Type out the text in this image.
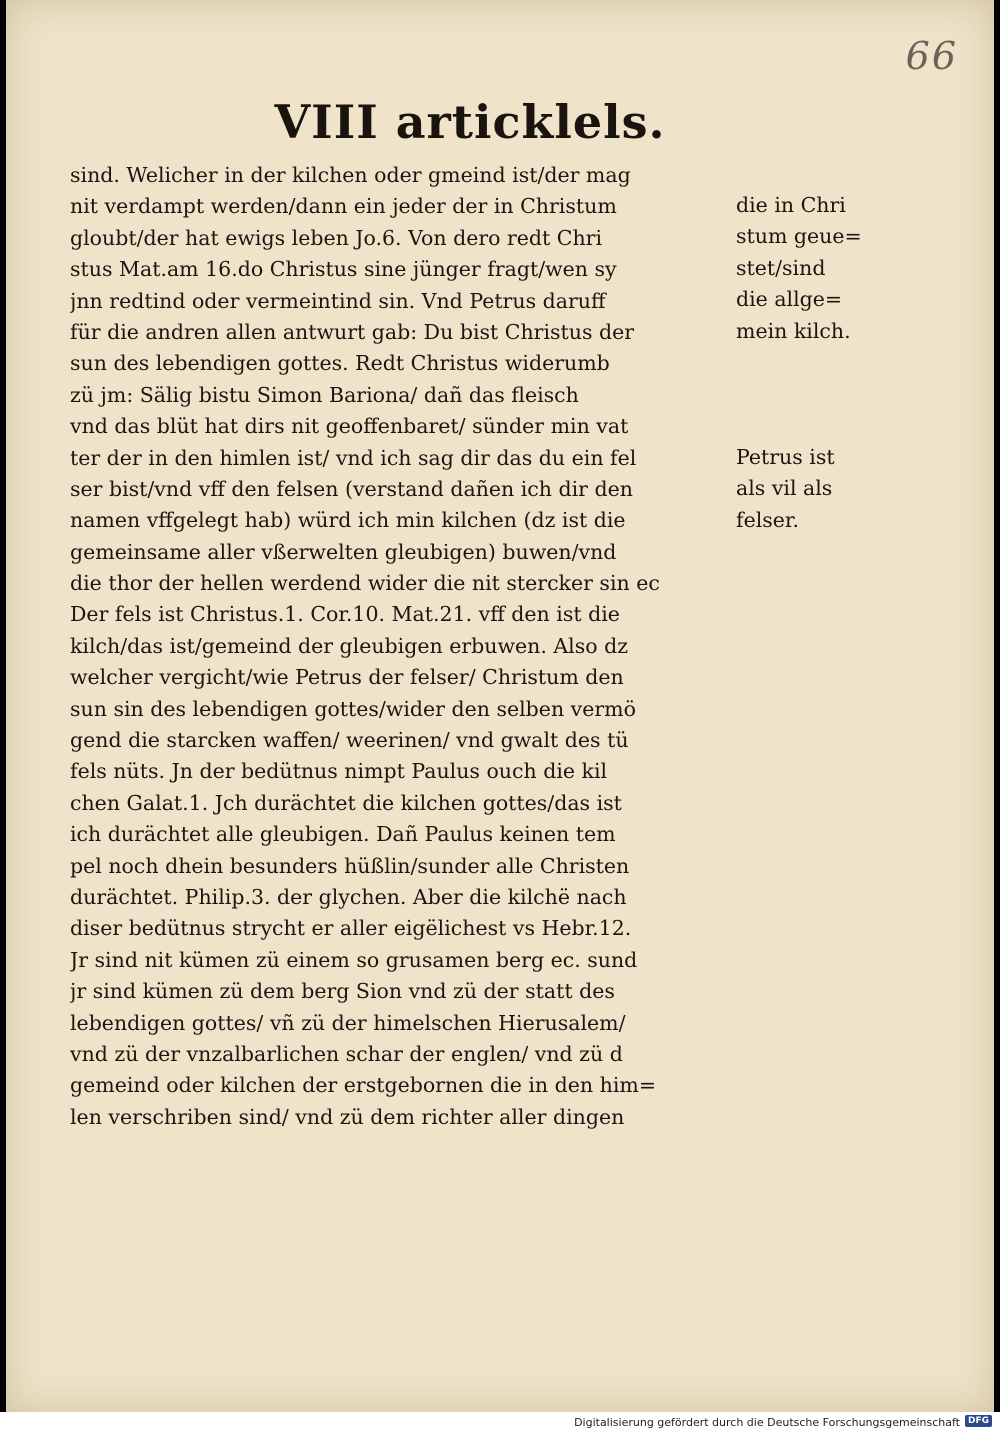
66
VIII articklels.
sind. Welicher in der kilchen oder gmeind ist/der mag
nit verdampt werden/dann ein jeder der in Christum
gloubt/der hat ewigs leben Jo.6. Von dero redt Chri
stus Mat.am 16.do Christus sine jünger fragt/wen sy
jnn redtind oder vermeintind sin. Vnd Petrus daruff
für die andren allen antwurt gab: Du bist Christus der
sun des lebendigen gottes. Redt Christus widerumb
zü jm: Sälig bistu Simon Bariona/ dañ das fleisch
vnd das blüt hat dirs nit geoffenbaret/ sünder min vat
ter der in den himlen ist/ vnd ich sag dir das du ein fel
ser bist/vnd vff den felsen (verstand dañen ich dir den
namen vffgelegt hab) würd ich min kilchen (dz ist die
gemeinsame aller vßerwelten gleubigen) buwen/vnd
die thor der hellen werdend wider die nit stercker sin ec
Der fels ist Christus.1. Cor.10. Mat.21. vff den ist die
kilch/das ist/gemeind der gleubigen erbuwen. Also dz
welcher vergicht/wie Petrus der felser/ Christum den
sun sin des lebendigen gottes/wider den selben vermö
gend die starcken waffen/ weerinen/ vnd gwalt des tü
fels nüts. Jn der bedütnus nimpt Paulus ouch die kil
chen Galat.1. Jch durächtet die kilchen gottes/das ist
ich durächtet alle gleubigen. Dañ Paulus keinen tem
pel noch dhein besunders hüßlin/sunder alle Christen
durächtet. Philip.3. der glychen. Aber die kilchë nach
diser bedütnus strycht er aller eigëlichest vs Hebr.12.
Jr sind nit kümen zü einem so grusamen berg ec. sund
jr sind kümen zü dem berg Sion vnd zü der statt des
lebendigen gottes/ vñ zü der himelschen Hierusalem/
vnd zü der vnzalbarlichen schar der englen/ vnd zü d
gemeind oder kilchen der erstgebornen die in den him=
len verschriben sind/ vnd zü dem richter aller dingen
die in Chri
stum geue=
stet/sind
die allge=
mein kilch.
Petrus ist
als vil als
felser.
Digitalisierung gefördert durch die Deutsche Forschungsgemeinschaft DFG
